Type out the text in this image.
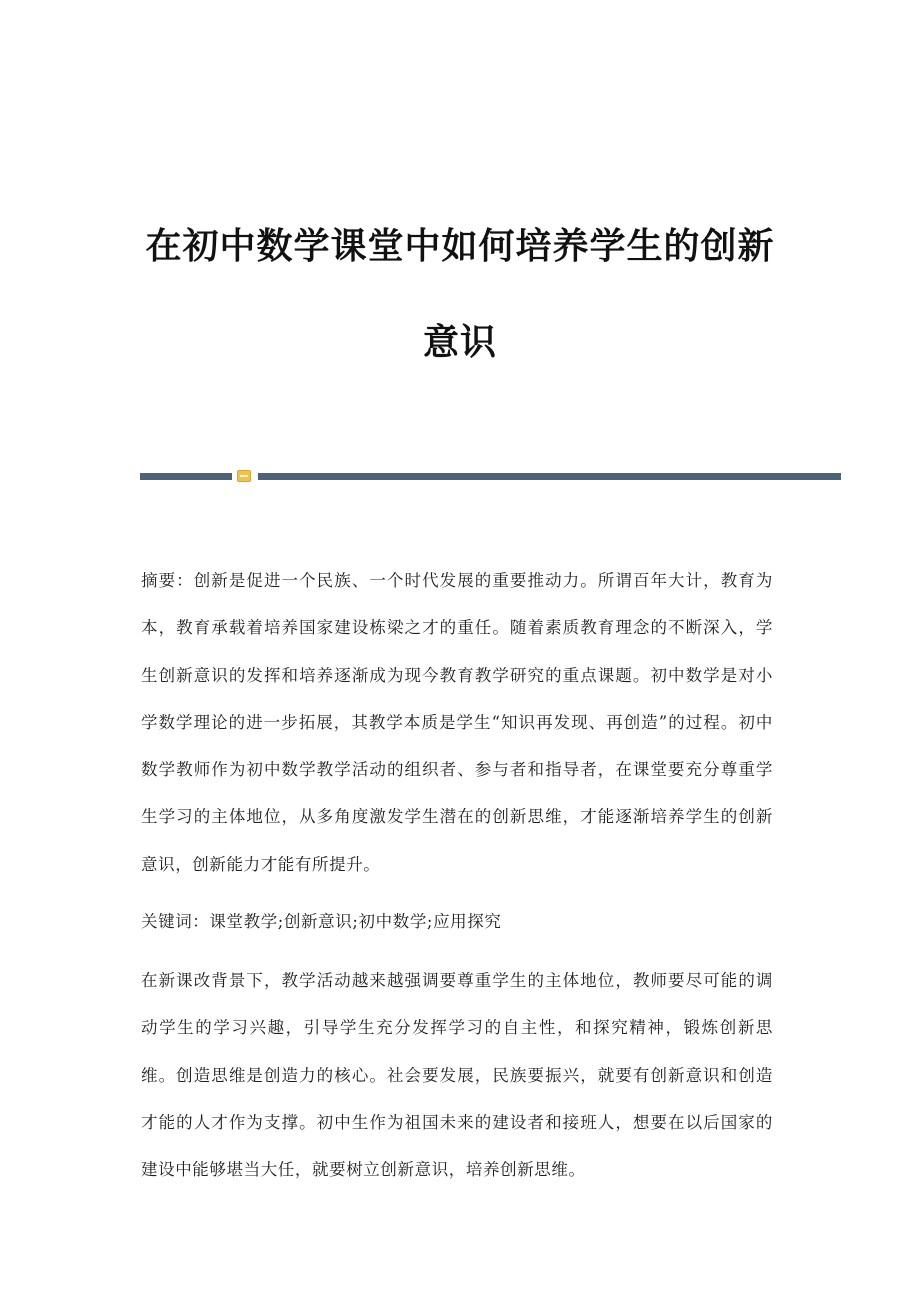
在初中数学课堂中如何培养学生的创新
意识

摘要：创新是促进一个民族、一个时代发展的重要推动力。所谓百年大计，教育为本，教育承载着培养国家建设栋梁之才的重任。随着素质教育理念的不断深入，学生创新意识的发挥和培养逐渐成为现今教育教学研究的重点课题。初中数学是对小学数学理论的进一步拓展，其教学本质是学生“知识再发现、再创造”的过程。初中数学教师作为初中数学教学活动的组织者、参与者和指导者，在课堂要充分尊重学生学习的主体地位，从多角度激发学生潜在的创新思维，才能逐渐培养学生的创新意识，创新能力才能有所提升。

关键词：课堂教学;创新意识;初中数学;应用探究

在新课改背景下，教学活动越来越强调要尊重学生的主体地位，教师要尽可能的调动学生的学习兴趣，引导学生充分发挥学习的自主性，和探究精神，锻炼创新思维。创造思维是创造力的核心。社会要发展，民族要振兴，就要有创新意识和创造才能的人才作为支撑。初中生作为祖国未来的建设者和接班人，想要在以后国家的建设中能够堪当大任，就要树立创新意识，培养创新思维。
